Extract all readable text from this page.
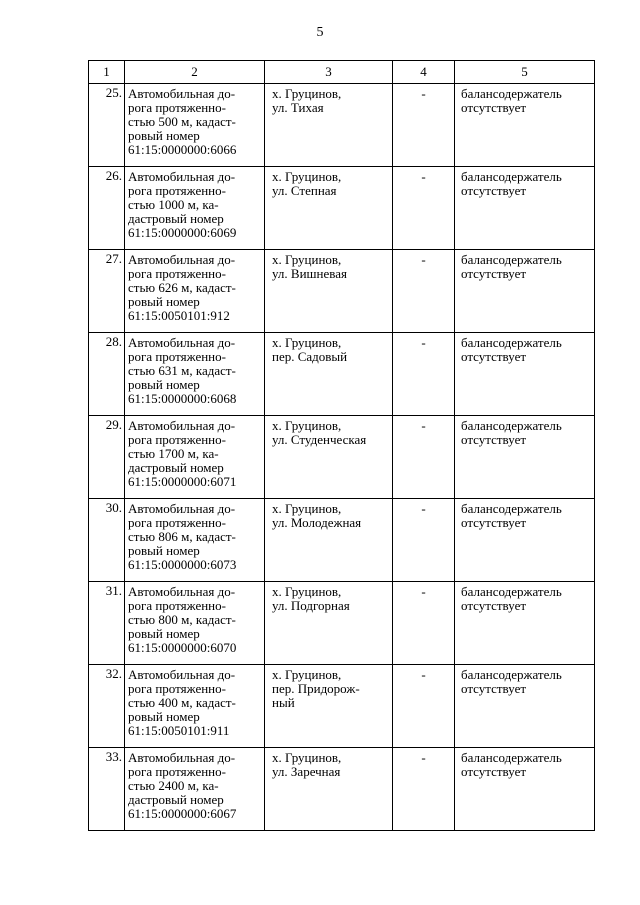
5
1	2	3	4	5
25.	Автомобильная до-
рога протяженно-
стью 500 м, кадаст-
ровый номер
61:15:0000000:6066	х. Груцинов,
ул. Тихая	-	балансодержатель
отсутствует
26.	Автомобильная до-
рога протяженно-
стью 1000 м, ка-
дастровый номер
61:15:0000000:6069	х. Груцинов,
ул. Степная	-	балансодержатель
отсутствует
27.	Автомобильная до-
рога протяженно-
стью 626 м, кадаст-
ровый номер
61:15:0050101:912	х. Груцинов,
ул. Вишневая	-	балансодержатель
отсутствует
28.	Автомобильная до-
рога протяженно-
стью 631 м, кадаст-
ровый номер
61:15:0000000:6068	х. Груцинов,
пер. Садовый	-	балансодержатель
отсутствует
29.	Автомобильная до-
рога протяженно-
стью 1700 м, ка-
дастровый номер
61:15:0000000:6071	х. Груцинов,
ул. Студенческая	-	балансодержатель
отсутствует
30.	Автомобильная до-
рога протяженно-
стью 806 м, кадаст-
ровый номер
61:15:0000000:6073	х. Груцинов,
ул. Молодежная	-	балансодержатель
отсутствует
31.	Автомобильная до-
рога протяженно-
стью 800 м, кадаст-
ровый номер
61:15:0000000:6070	х. Груцинов,
ул. Подгорная	-	балансодержатель
отсутствует
32.	Автомобильная до-
рога протяженно-
стью 400 м, кадаст-
ровый номер
61:15:0050101:911	х. Груцинов,
пер. Придорож-
ный	-	балансодержатель
отсутствует
33.	Автомобильная до-
рога протяженно-
стью 2400 м, ка-
дастровый номер
61:15:0000000:6067	х. Груцинов,
ул. Заречная	-	балансодержатель
отсутствует
